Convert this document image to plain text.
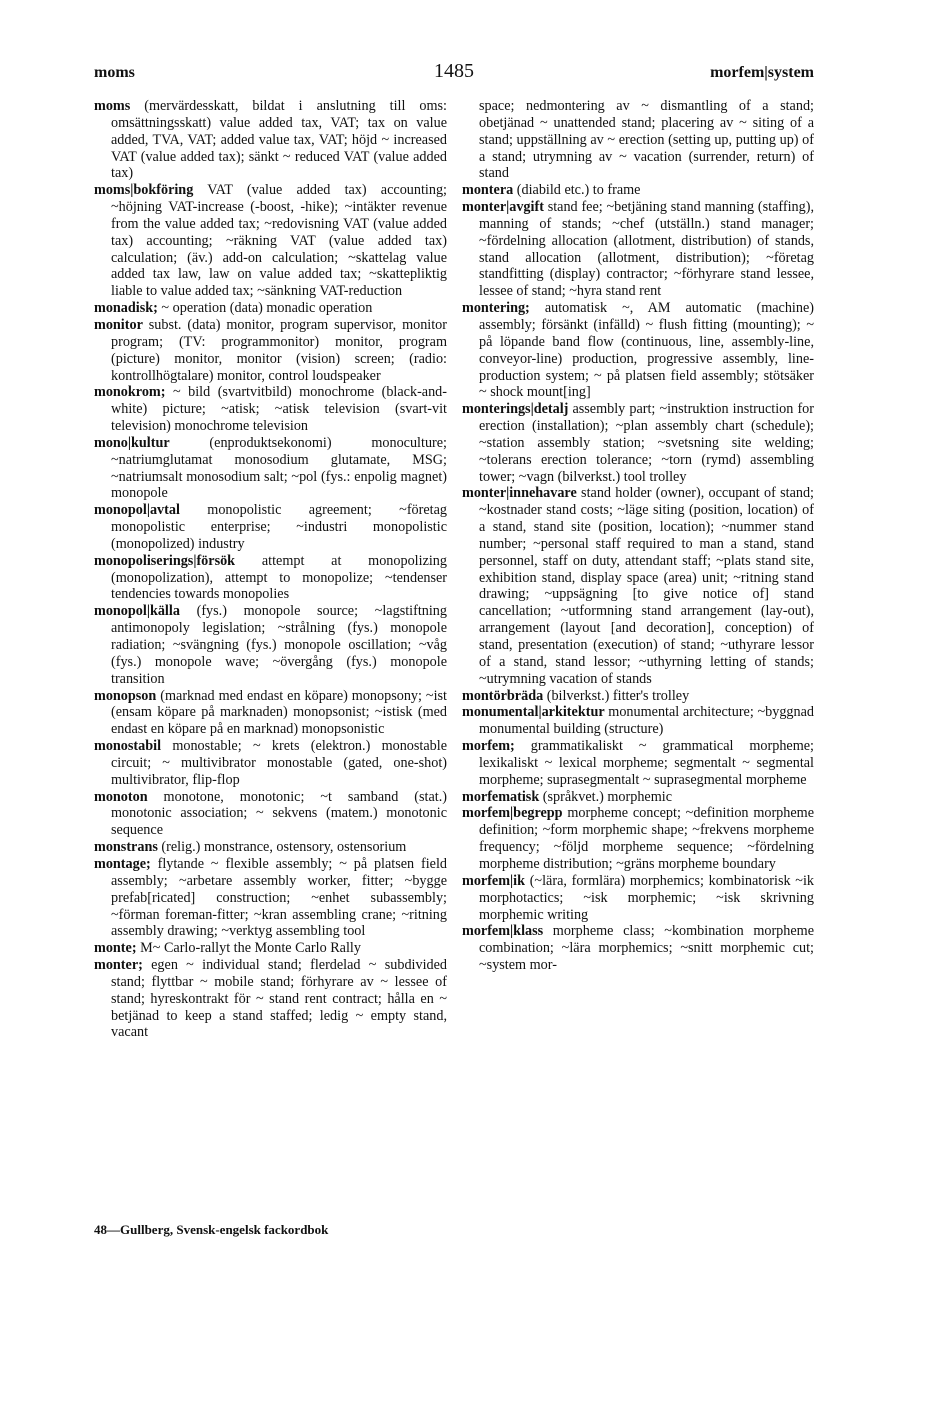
moms	1485	morfem|system

moms (mervärdesskatt, bildat i anslutning till oms: omsättningsskatt) value added tax, VAT; tax on value added, TVA, VAT; added value tax, VAT; höjd ~ increased VAT (value added tax); sänkt ~ reduced VAT (value added tax)

moms|bokföring VAT (value added tax) accounting; ~höjning VAT-increase (-boost, -hike); ~intäkter revenue from the value added tax; ~redovisning VAT (value added tax) accounting; ~räkning VAT (value added tax) calculation; (äv.) add-on calculation; ~skattelag value added tax law, law on value added tax; ~skattepliktig liable to value added tax; ~sänkning VAT-reduction

monadisk; ~ operation (data) monadic operation

monitor subst. (data) monitor, program supervisor, monitor program; (TV: programmonitor) monitor, program (picture) monitor, monitor (vision) screen; (radio: kontrollhögtalare) monitor, control loudspeaker

monokrom; ~ bild (svartvitbild) monochrome (black-and-white) picture; ~atisk; ~atisk television (svart-vit television) monochrome television

mono|kultur (enproduktsekonomi) monoculture; ~natriumglutamat monosodium glutamate, MSG; ~natriumsalt monosodium salt; ~pol (fys.: enpolig magnet) monopole

monopol|avtal monopolistic agreement; ~företag monopolistic enterprise; ~industri monopolistic (monopolized) industry

monopoliserings|försök attempt at monopolizing (monopolization), attempt to monopolize; ~tendenser tendencies towards monopolies

monopol|källa (fys.) monopole source; ~lagstiftning antimonopoly legislation; ~strålning (fys.) monopole radiation; ~svängning (fys.) monopole oscillation; ~våg (fys.) monopole wave; ~övergång (fys.) monopole transition

monopson (marknad med endast en köpare) monopsony; ~ist (ensam köpare på marknaden) monopsonist; ~istisk (med endast en köpare på en marknad) monopsonistic

monostabil monostable; ~ krets (elektron.) monostable circuit; ~ multivibrator monostable (gated, one-shot) multivibrator, flip-flop

monoton monotone, monotonic; ~t samband (stat.) monotonic association; ~ sekvens (matem.) monotonic sequence

monstrans (relig.) monstrance, ostensory, ostensorium

montage; flytande ~ flexible assembly; ~ på platsen field assembly; ~arbetare assembly worker, fitter; ~bygge prefab[ricated] construction; ~enhet subassembly; ~förman foreman-fitter; ~kran assembling crane; ~ritning assembly drawing; ~verktyg assembling tool

monte; M~ Carlo-rallyt the Monte Carlo Rally

monter; egen ~ individual stand; flerdelad ~ subdivided stand; flyttbar ~ mobile stand; förhyrare av ~ lessee of stand; hyreskontrakt för ~ stand rent contract; hålla en ~ betjänad to keep a stand staffed; ledig ~ empty stand, vacant

space; nedmontering av ~ dismantling of a stand; obetjänad ~ unattended stand; placering av ~ siting of a stand; uppställning av ~ erection (setting up, putting up) of a stand; utrymning av ~ vacation (surrender, return) of stand

montera (diabild etc.) to frame

monter|avgift stand fee; ~betjäning stand manning (staffing), manning of stands; ~chef (utställn.) stand manager; ~fördelning allocation (allotment, distribution) of stands, stand allocation (allotment, distribution); ~företag standfitting (display) contractor; ~förhyrare stand lessee, lessee of stand; ~hyra stand rent

montering; automatisk ~, AM automatic (machine) assembly; försänkt (infälld) ~ flush fitting (mounting); ~ på löpande band flow (continuous, line, assembly-line, conveyor-line) production, progressive assembly, line-production system; ~ på platsen field assembly; stötsäker ~ shock mount[ing]

monterings|detalj assembly part; ~instruktion instruction for erection (installation); ~plan assembly chart (schedule); ~station assembly station; ~svetsning site welding; ~tolerans erection tolerance; ~torn (rymd) assembling tower; ~vagn (bilverkst.) tool trolley

monter|innehavare stand holder (owner), occupant of stand; ~kostnader stand costs; ~läge siting (position, location) of a stand, stand site (position, location); ~nummer stand number; ~personal staff required to man a stand, stand personnel, staff on duty, attendant staff; ~plats stand site, exhibition stand, display space (area) unit; ~ritning stand drawing; ~uppsägning [to give notice of] stand cancellation; ~utformning stand arrangement (lay-out), arrangement (layout [and decoration], conception) of stand, presentation (execution) of stand; ~uthyrare lessor of a stand, stand lessor; ~uthyrning letting of stands; ~utrymning vacation of stands

montörbräda (bilverkst.) fitter's trolley

monumental|arkitektur monumental architecture; ~byggnad monumental building (structure)

morfem; grammatikaliskt ~ grammatical morpheme; lexikaliskt ~ lexical morpheme; segmentalt ~ segmental morpheme; suprasegmentalt ~ suprasegmental morpheme

morfematisk (språkvet.) morphemic

morfem|begrepp morpheme concept; ~definition morpheme definition; ~form morphemic shape; ~frekvens morpheme frequency; ~följd morpheme sequence; ~fördelning morpheme distribution; ~gräns morpheme boundary

morfem|ik (~lära, formlära) morphemics; kombinatorisk ~ik morphotactics; ~isk morphemic; ~isk skrivning morphemic writing

morfem|klass morpheme class; ~kombination morpheme combination; ~lära morphemics; ~snitt morphemic cut; ~system mor-

48—Gullberg, Svensk-engelsk fackordbok
